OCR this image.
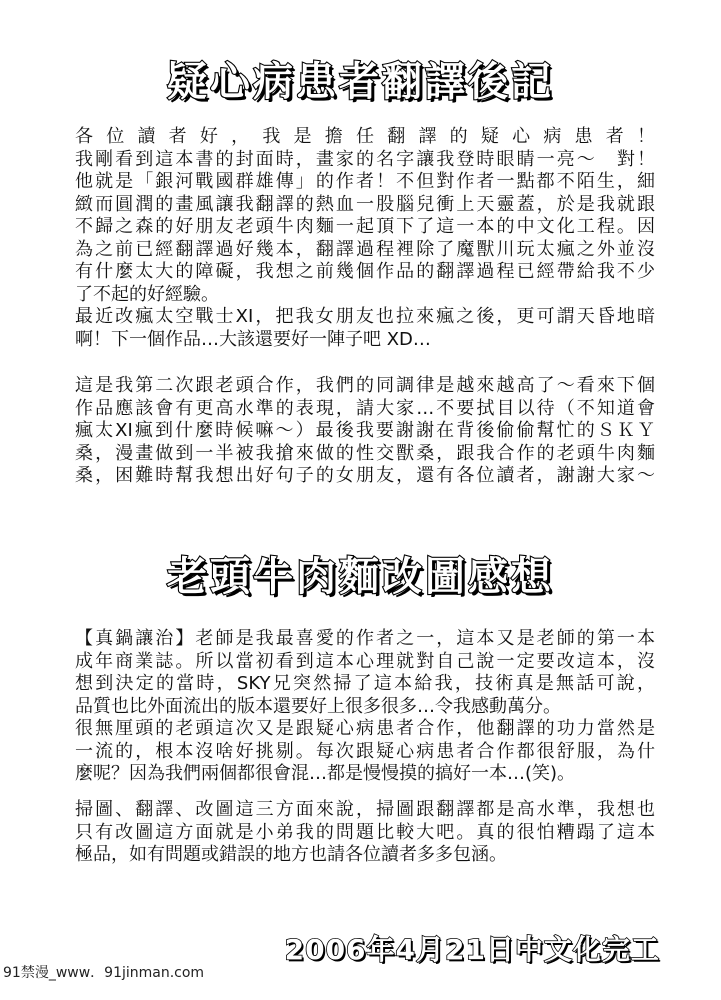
疑心病患者翻譯後記
各位讀者好，我是擔任翻譯的疑心病患者！
我剛看到這本書的封面時，畫家的名字讓我登時眼睛一亮～　對！
他就是「銀河戰國群雄傳」的作者！不但對作者一點都不陌生，細
緻而圓潤的畫風讓我翻譯的熱血一股腦兒衝上天靈蓋，於是我就跟
不歸之森的好朋友老頭牛肉麵一起頂下了這一本的中文化工程。因
為之前已經翻譯過好幾本，翻譯過程裡除了魔獸川玩太瘋之外並沒
有什麼太大的障礙，我想之前幾個作品的翻譯過程已經帶給我不少
了不起的好經驗。
最近改瘋太空戰士XI，把我女朋友也拉來瘋之後，更可謂天昏地暗
啊！下一個作品…大該還要好一陣子吧 XD…
這是我第二次跟老頭合作，我們的同調律是越來越高了～看來下個
作品應該會有更高水準的表現，請大家…不要拭目以待（不知道會
瘋太XI瘋到什麼時候嘛～）最後我要謝謝在背後偷偷幫忙的ＳＫＹ
桑，漫畫做到一半被我搶來做的性交獸桑，跟我合作的老頭牛肉麵
桑，困難時幫我想出好句子的女朋友，還有各位讀者，謝謝大家～
老頭牛肉麵改圖感想
【真鍋讓治】老師是我最喜愛的作者之一，這本又是老師的第一本
成年商業誌。所以當初看到這本心理就對自己說一定要改這本，沒
想到決定的當時，SKY兄突然掃了這本給我，技術真是無話可說，
品質也比外面流出的版本還要好上很多很多…令我感動萬分。
很無厘頭的老頭這次又是跟疑心病患者合作，他翻譯的功力當然是
一流的，根本沒啥好挑剔。每次跟疑心病患者合作都很舒服，為什
麼呢？因為我們兩個都很會混…都是慢慢摸的搞好一本…(笑)。
掃圖、翻譯、改圖這三方面來說，掃圖跟翻譯都是高水準，我想也
只有改圖這方面就是小弟我的問題比較大吧。真的很怕糟蹋了這本
極品，如有問題或錯誤的地方也請各位讀者多多包涵。
2006年4月21日中文化完工
91禁漫_www．91jinman.com
